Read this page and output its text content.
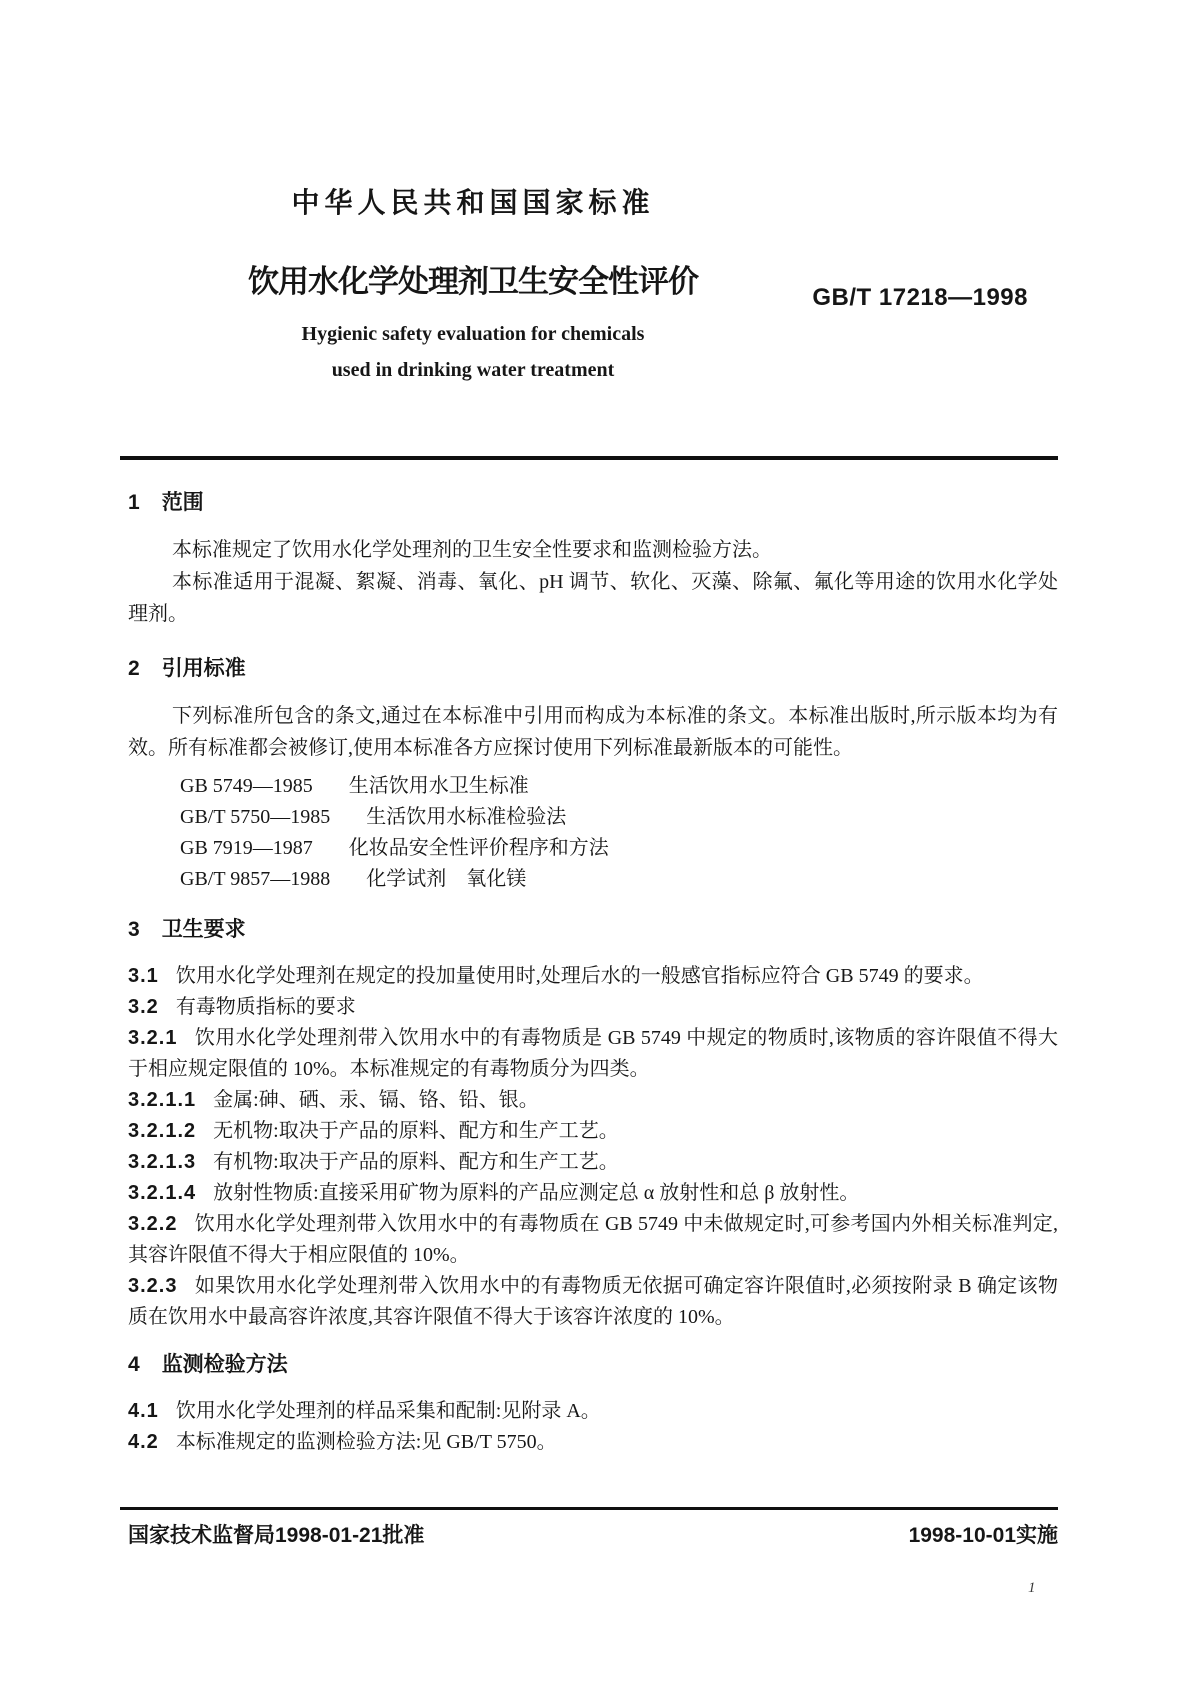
中华人民共和国国家标准
饮用水化学处理剂卫生安全性评价
Hygienic safety evaluation for chemicals
used in drinking water treatment
GB/T 17218—1998
1 范围

本标准规定了饮用水化学处理剂的卫生安全性要求和监测检验方法。

本标准适用于混凝、絮凝、消毒、氧化、pH 调节、软化、灭藻、除氟、氟化等用途的饮用水化学处理剂。

2 引用标准

下列标准所包含的条文,通过在本标准中引用而构成为本标准的条文。本标准出版时,所示版本均为有效。所有标准都会被修订,使用本标准各方应探讨使用下列标准最新版本的可能性。

GB 5749—1985 生活饮用水卫生标准

GB/T 5750—1985 生活饮用水标准检验法

GB 7919—1987 化妆品安全性评价程序和方法

GB/T 9857—1988 化学试剂　氧化镁

3 卫生要求

3.1 饮用水化学处理剂在规定的投加量使用时,处理后水的一般感官指标应符合 GB 5749 的要求。

3.2 有毒物质指标的要求

3.2.1 饮用水化学处理剂带入饮用水中的有毒物质是 GB 5749 中规定的物质时,该物质的容许限值不得大于相应规定限值的 10%。本标准规定的有毒物质分为四类。

3.2.1.1 金属:砷、硒、汞、镉、铬、铅、银。

3.2.1.2 无机物:取决于产品的原料、配方和生产工艺。

3.2.1.3 有机物:取决于产品的原料、配方和生产工艺。

3.2.1.4 放射性物质:直接采用矿物为原料的产品应测定总 α 放射性和总 β 放射性。

3.2.2 饮用水化学处理剂带入饮用水中的有毒物质在 GB 5749 中未做规定时,可参考国内外相关标准判定,其容许限值不得大于相应限值的 10%。

3.2.3 如果饮用水化学处理剂带入饮用水中的有毒物质无依据可确定容许限值时,必须按附录 B 确定该物质在饮用水中最高容许浓度,其容许限值不得大于该容许浓度的 10%。

4 监测检验方法

4.1 饮用水化学处理剂的样品采集和配制:见附录 A。

4.2 本标准规定的监测检验方法:见 GB/T 5750。

国家技术监督局1998-01-21批准	1998-10-01实施
1
